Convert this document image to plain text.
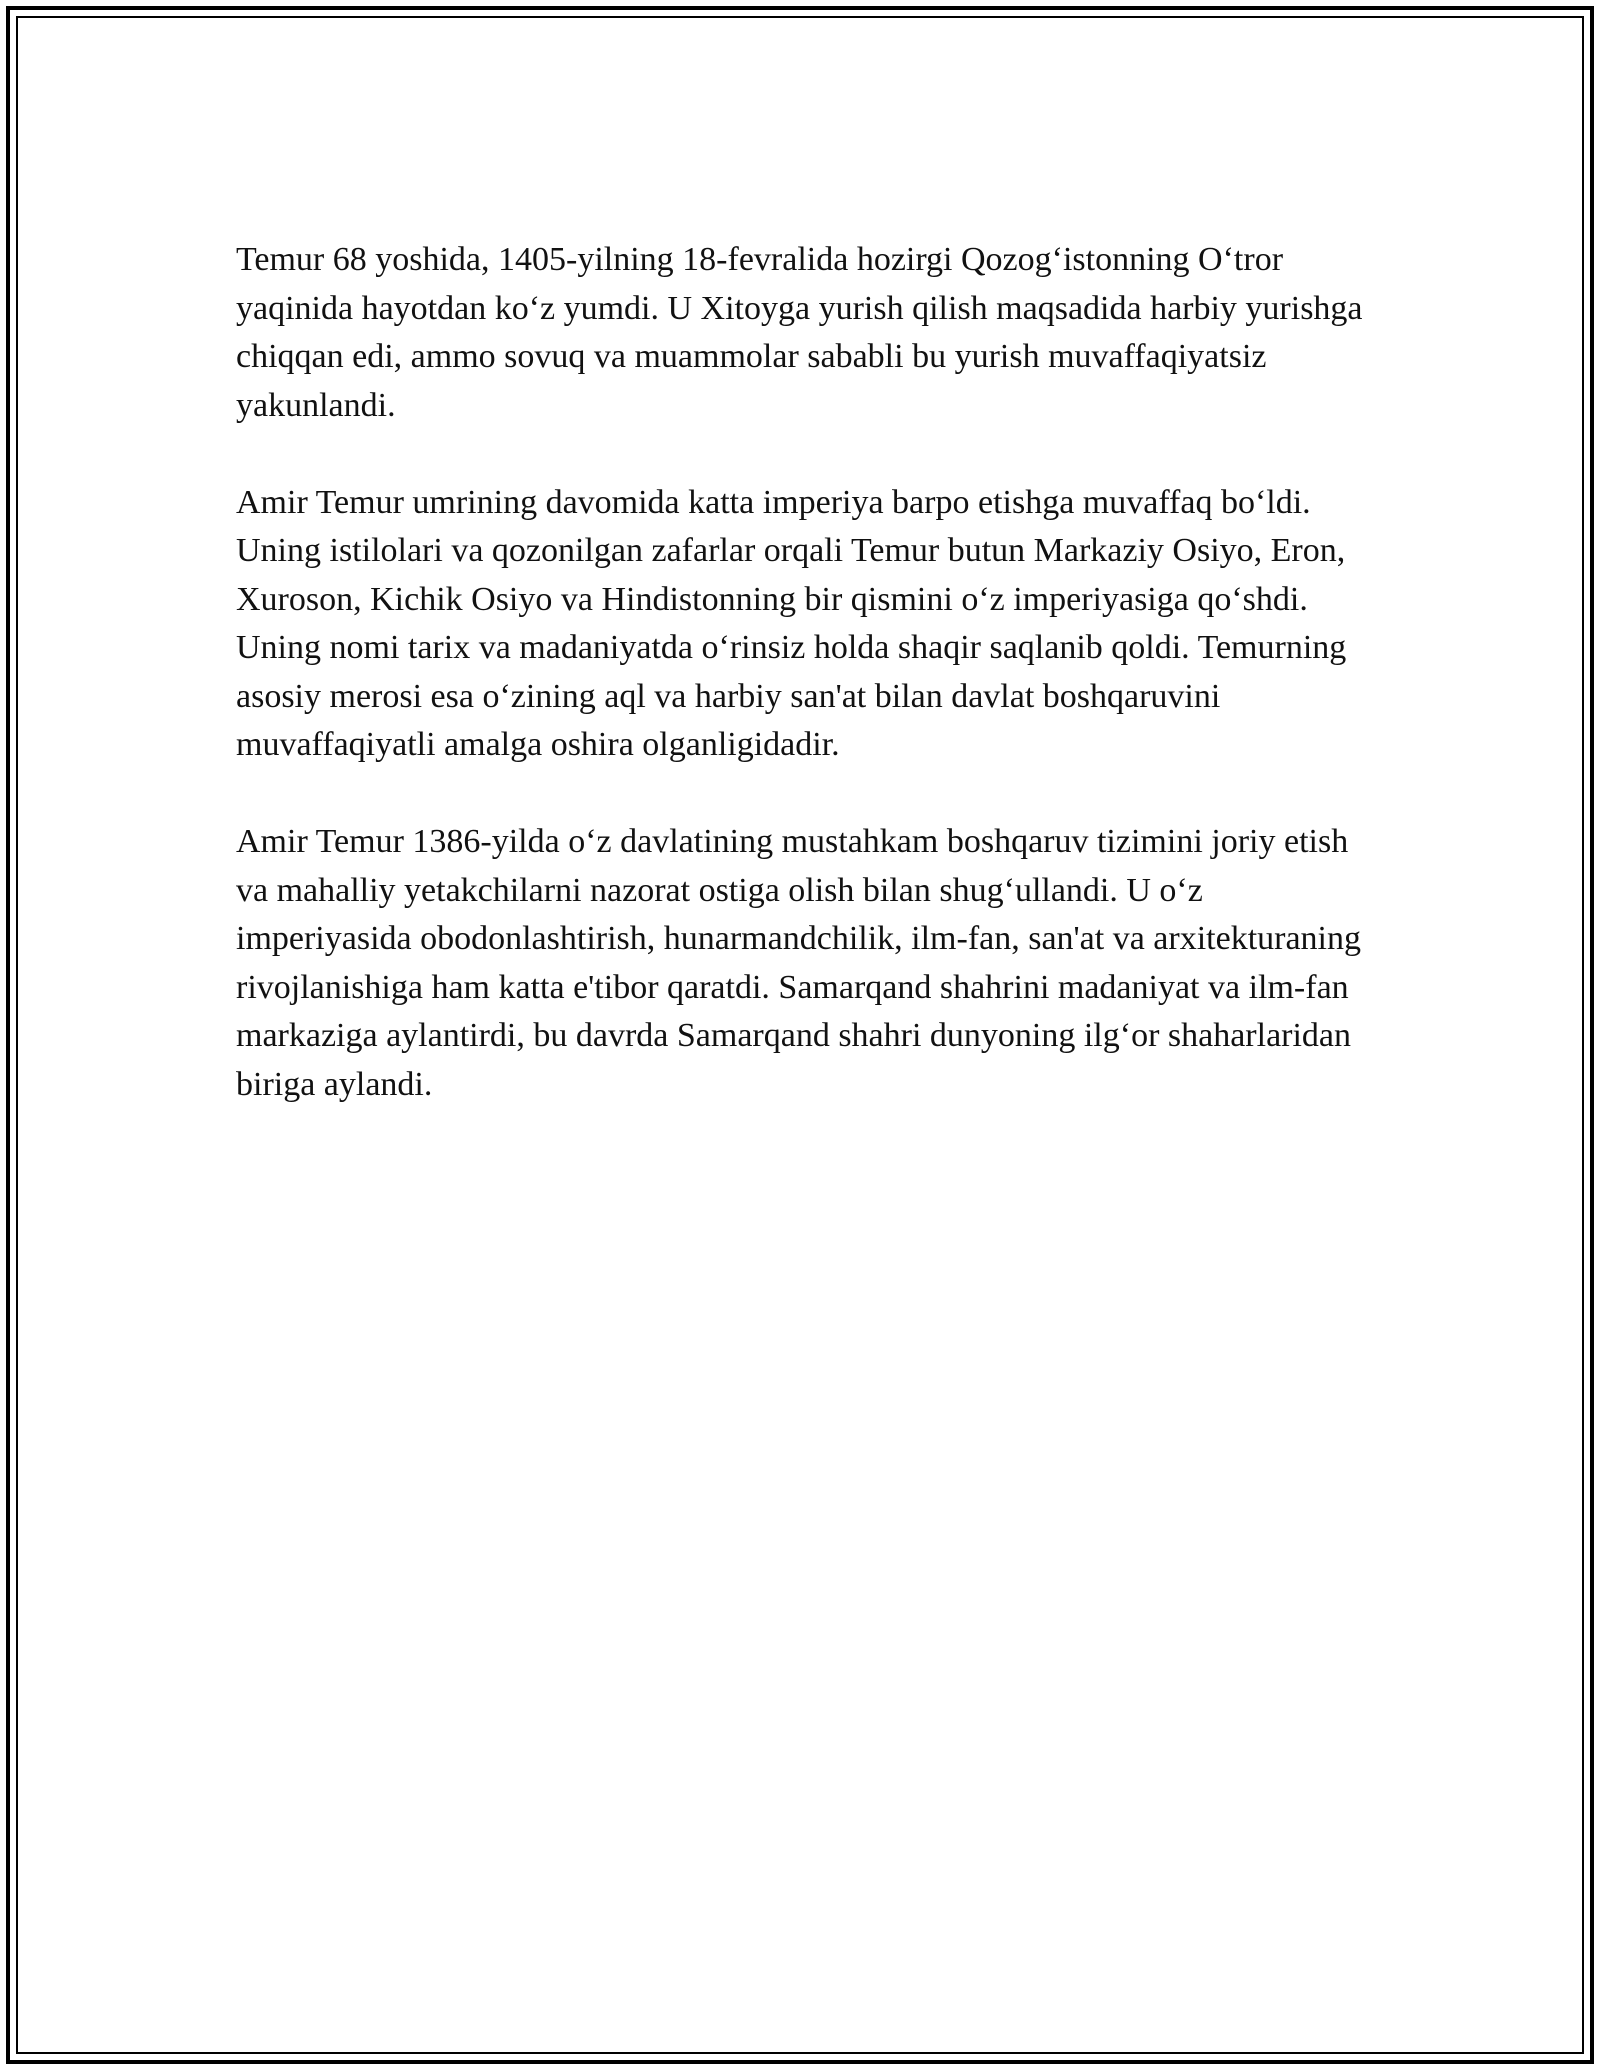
Temur 68 yoshida, 1405-yilning 18-fevralida hozirgi Qozog‘istonning O‘tror yaqinida hayotdan ko‘z yumdi. U Xitoyga yurish qilish maqsadida harbiy yurishga chiqqan edi, ammo sovuq va muammolar sababli bu yurish muvaffaqiyatsiz yakunlandi.

Amir Temur umrining davomida katta imperiya barpo etishga muvaffaq bo‘ldi. Uning istilolari va qozonilgan zafarlar orqali Temur butun Markaziy Osiyo, Eron, Xuroson, Kichik Osiyo va Hindistonning bir qismini o‘z imperiyasiga qo‘shdi. Uning nomi tarix va madaniyatda o‘rinsiz holda shaqir saqlanib qoldi. Temurning asosiy merosi esa o‘zining aql va harbiy san'at bilan davlat boshqaruvini muvaffaqiyatli amalga oshira olganligidadir.

Amir Temur 1386-yilda o‘z davlatining mustahkam boshqaruv tizimini joriy etish va mahalliy yetakchilarni nazorat ostiga olish bilan shug‘ullandi. U o‘z imperiyasida obodonlashtirish, hunarmandchilik, ilm-fan, san'at va arxitekturaning rivojlanishiga ham katta e'tibor qaratdi. Samarqand shahrini madaniyat va ilm-fan markaziga aylantirdi, bu davrda Samarqand shahri dunyoning ilg‘or shaharlaridan biriga aylandi.
